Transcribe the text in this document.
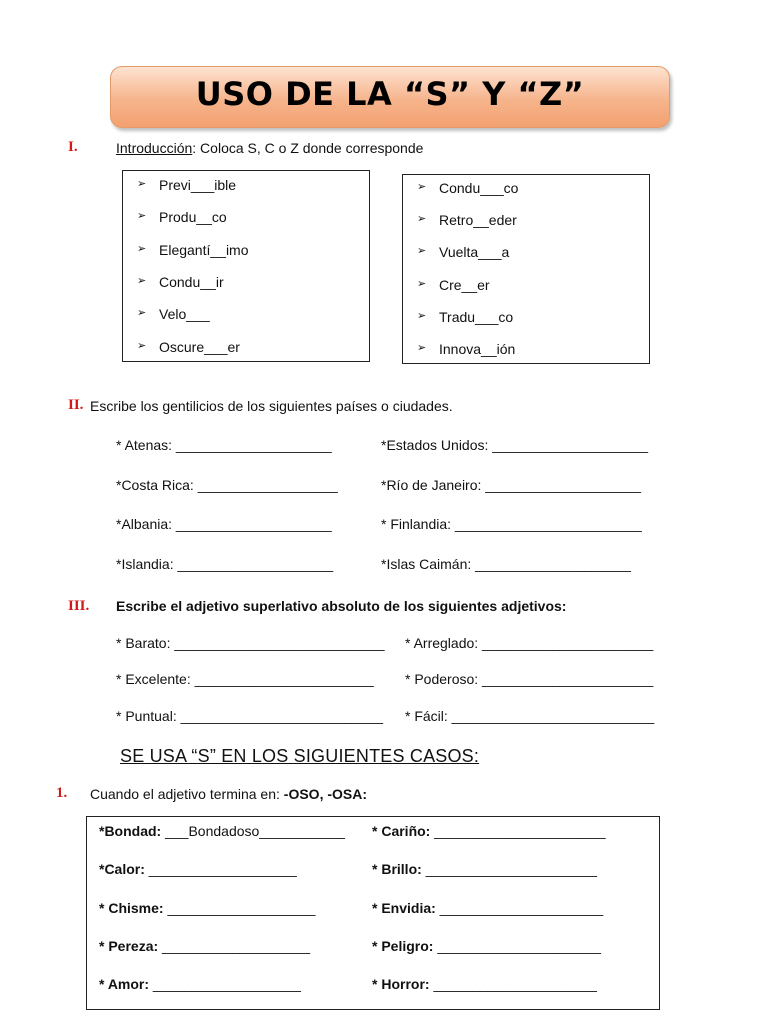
USO DE LA “S” Y “Z”
I.	Introducción: Coloca S, C o Z donde corresponde
➢ Previ___ible
➢ Produ__co
➢ Elegantí__imo
➢ Condu__ir
➢ Velo___
➢ Oscure___er
➢ Condu___co
➢ Retro__eder
➢ Vuelta___a
➢ Cre__er
➢ Tradu___co
➢ Innova__ión
II. Escribe los gentilicios de los siguientes países o ciudades.
* Atenas: ____________________
*Costa Rica: __________________
*Albania: ____________________
*Islandia: ____________________
*Estados Unidos: ____________________
*Río de Janeiro: ____________________
* Finlandia: ________________________
*Islas Caimán: ____________________
III. Escribe el adjetivo superlativo absoluto de los siguientes adjetivos:
* Barato: ___________________________
* Excelente: _______________________
* Puntual: __________________________
* Arreglado: ______________________
* Poderoso: ______________________
* Fácil: __________________________
SE USA “S” EN LOS SIGUIENTES CASOS:
1. Cuando el adjetivo termina en: -OSO, -OSA:
*Bondad: ___Bondadoso___________
*Calor: ___________________
* Chisme: ___________________
* Pereza: ___________________
* Amor: ___________________
* Cariño: ______________________
* Brillo: ______________________
* Envidia: _____________________
* Peligro: _____________________
* Horror: _____________________
